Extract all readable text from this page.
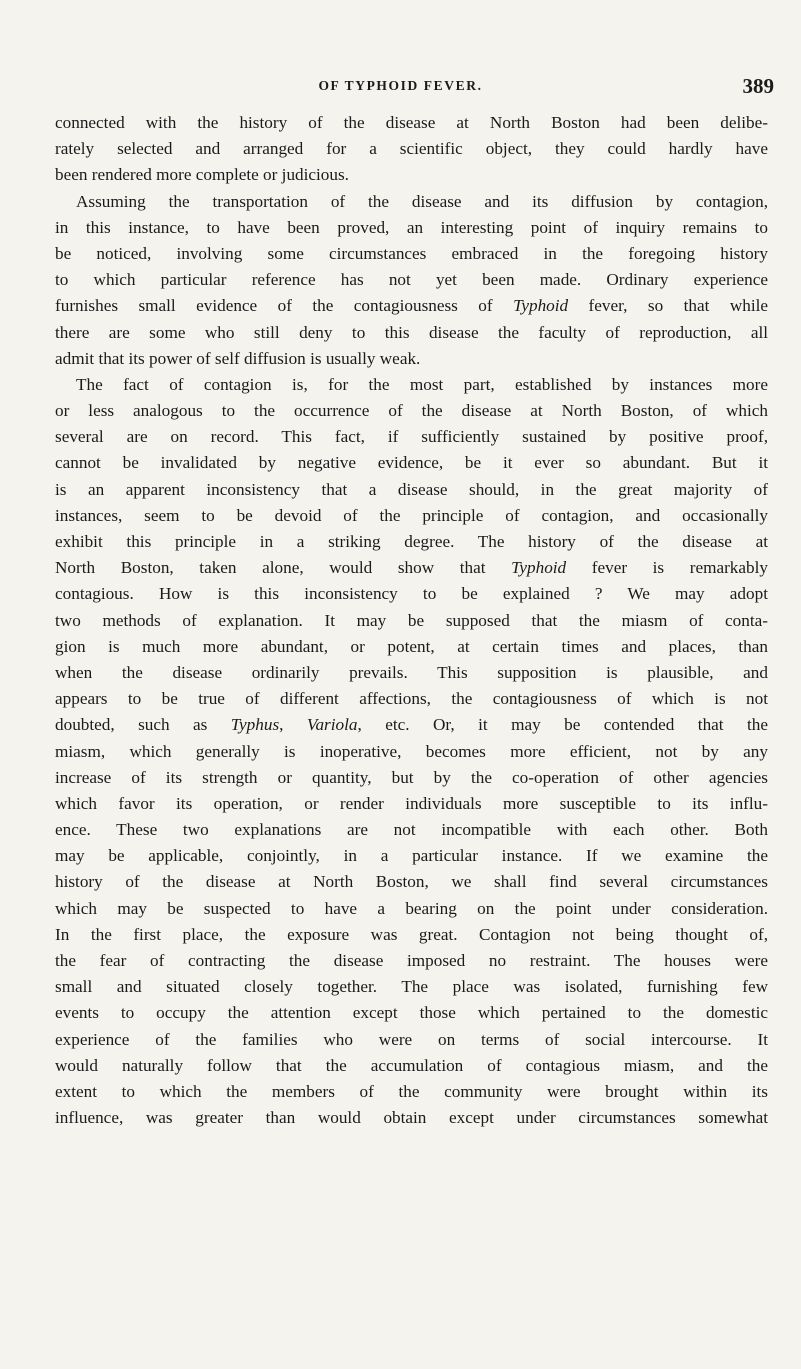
OF TYPHOID FEVER.	389
connected with the history of the disease at North Boston had been delibe-
rately selected and arranged for a scientific object, they could hardly have
been rendered more complete or judicious.
Assuming the transportation of the disease and its diffusion by contagion,
in this instance, to have been proved, an interesting point of inquiry remains to
be noticed, involving some circumstances embraced in the foregoing history
to which particular reference has not yet been made. Ordinary experience
furnishes small evidence of the contagiousness of Typhoid fever, so that while
there are some who still deny to this disease the faculty of reproduction, all
admit that its power of self diffusion is usually weak.
The fact of contagion is, for the most part, established by instances more
or less analogous to the occurrence of the disease at North Boston, of which
several are on record. This fact, if sufficiently sustained by positive proof,
cannot be invalidated by negative evidence, be it ever so abundant. But it
is an apparent inconsistency that a disease should, in the great majority of
instances, seem to be devoid of the principle of contagion, and occasionally
exhibit this principle in a striking degree. The history of the disease at
North Boston, taken alone, would show that Typhoid fever is remarkably
contagious. How is this inconsistency to be explained ? We may adopt
two methods of explanation. It may be supposed that the miasm of conta-
gion is much more abundant, or potent, at certain times and places, than
when the disease ordinarily prevails. This supposition is plausible, and
appears to be true of different affections, the contagiousness of which is not
doubted, such as Typhus, Variola, etc. Or, it may be contended that the
miasm, which generally is inoperative, becomes more efficient, not by any
increase of its strength or quantity, but by the co-operation of other agencies
which favor its operation, or render individuals more susceptible to its influ-
ence. These two explanations are not incompatible with each other. Both
may be applicable, conjointly, in a particular instance. If we examine the
history of the disease at North Boston, we shall find several circumstances
which may be suspected to have a bearing on the point under consideration.
In the first place, the exposure was great. Contagion not being thought of,
the fear of contracting the disease imposed no restraint. The houses were
small and situated closely together. The place was isolated, furnishing few
events to occupy the attention except those which pertained to the domestic
experience of the families who were on terms of social intercourse. It
would naturally follow that the accumulation of contagious miasm, and the
extent to which the members of the community were brought within its
influence, was greater than would obtain except under circumstances somewhat
